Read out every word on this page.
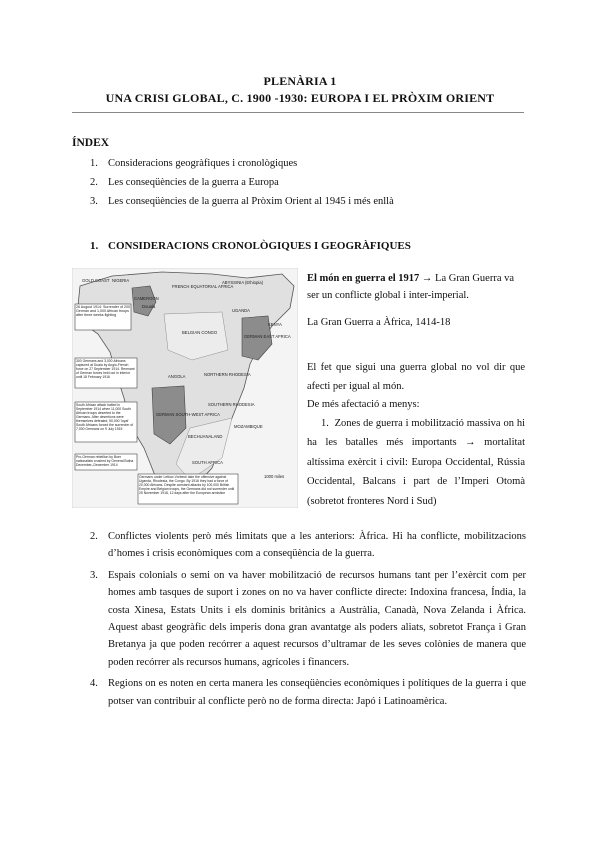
PLENÀRIA 1
UNA CRISI GLOBAL, C. 1900 -1930: EUROPA I EL PRÒXIM ORIENT
ÍNDEX
1. Consideracions geogràfiques i cronològiques
2. Les conseqüències de la guerra a Europa
3. Les conseqüències de la guerra al Pròxim Orient al 1945 i més enllà
1. CONSIDERACIONS CRONOLÒGIQUES I GEOGRÀFIQUES
GOLD COAST NIGERIA
CAMEROON
FRENCH EQUATORIAL AFRICA
ABYSSINIA (Ethiopia)
BELGIAN CONGO
UGANDA
KENYA
GERMAN EAST AFRICA
ANGOLA	NORTHERN RHODESIA
SOUTHERN RHODESIA
GERMAN SOUTH-WEST AFRICA
BECHUANALAND
SOUTH AFRICA
MOZAMBIQUE
Douala
1000 miles
26 August 1914: Surrender of 200 German and 1,000 African troops after three weeks fighting
300 Germans and 3,000 Africans captured at Duala by Anglo-French force on 27 September 1914. Remnant of German forces held out in interior until 18 February 1916
South African attack halted in September 1914 when 11,000 South African troops deserted to the Germans. After desertions were themselves defeated, 50,000 'loyal' South Africans forced the surrender of 7,000 Germans on 9 July 1915
Pro-German rebellion by Boer nationalists crushed by General Botha December–December 1914
Germans under Lettow-Vorbeck take the offensive against Uganda, Rhodesia, the Congo. By 1916 they had a force of 20,000 Africans. Despite constant attacks by 100,000 British Empire and Belgian troops, the Germans did not surrender until 25 November 1918, 12 days after the European armistice
El món en guerra el 1917 → La Gran Guerra va ser un conflicte global i inter-imperial.
La Gran Guerra a Àfrica, 1414-18
El fet que sigui una guerra global no vol dir que afecti per igual al món.
De més afectació a menys:
1. Zones de guerra i mobilització massiva on hi ha les batalles més importants → mortalitat altíssima exèrcit i civil: Europa Occidental, Rússia Occidental, Balcans i part de l’Imperi Otomà (sobretot fronteres Nord i Sud)
2. Conflictes violents però més limitats que a les anteriors: Àfrica. Hi ha conflicte, mobilitzacions d’homes i crisis econòmiques com a conseqüència de la guerra.
3. Espais colonials o semi on va haver mobilització de recursos humans tant per l’exèrcit com per homes amb tasques de suport i zones on no va haver conflicte directe: Indoxina francesa, Índia, la costa Xinesa, Estats Units i els dominis britànics a Austràlia, Canadà, Nova Zelanda i Àfrica. Aquest abast geogràfic dels imperis dona gran avantatge als poders aliats, sobretot França i Gran Bretanya ja que poden recórrer a aquest recursos d’ultramar de les seves colònies de manera que poden recórrer als recursos humans, agrícoles i financers.
4. Regions on es noten en certa manera les conseqüències econòmiques i polítiques de la guerra i que potser van contribuir al conflicte però no de forma directa: Japó i Latinoamèrica.
